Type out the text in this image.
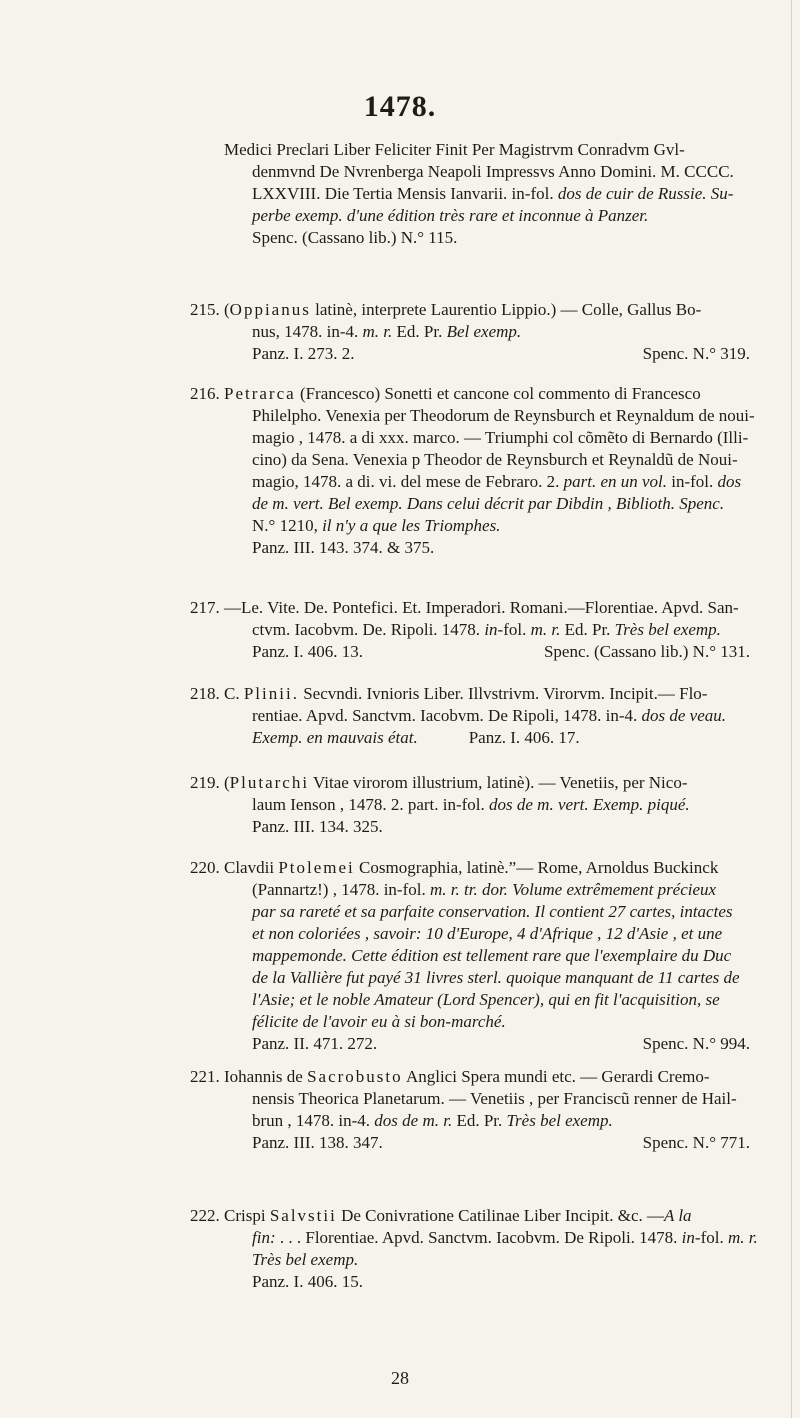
1478.
Medici Preclari Liber Feliciter Finit Per Magistrvm Conradvm Gvl-
denmvnd De Nvrenberga Neapoli Impressvs Anno Domini. M. CCCC.
LXXVIII. Die Tertia Mensis Ianvarii. in-fol. dos de cuir de Russie. Su-
perbe exemp. d'une édition très rare et inconnue à Panzer.
Spenc. (Cassano lib.) N.° 115.
215. (Oppianus latinè, interprete Laurentio Lippio.) — Colle, Gallus Bo-
nus, 1478. in-4. m. r. Ed. Pr. Bel exemp.
Panz. I. 273. 2.	Spenc. N.° 319.
216. Petrarca (Francesco) Sonetti et cancone col commento di Francesco
Philelpho. Venexia per Theodorum de Reynsburch et Reynaldum de noui-
magio , 1478. a di xxx. marco. — Triumphi col cõmẽto di Bernardo (Illi-
cino) da Sena. Venexia p Theodor de Reynsburch et Reynaldũ de Noui-
magio, 1478. a di. vi. del mese de Febraro. 2. part. en un vol. in-fol. dos
de m. vert. Bel exemp. Dans celui décrit par Dibdin , Biblioth. Spenc.
N.° 1210, il n'y a que les Triomphes.
Panz. III. 143. 374. & 375.
217. —Le. Vite. De. Pontefici. Et. Imperadori. Romani.—Florentiae. Apvd. San-
ctvm. Iacobvm. De. Ripoli. 1478. in-fol. m. r. Ed. Pr. Très bel exemp.
Panz. I. 406. 13.	Spenc. (Cassano lib.) N.° 131.
218. C. Plinii. Secvndi. Ivnioris Liber. Illvstrivm. Virorvm. Incipit.— Flo-
rentiae. Apvd. Sanctvm. Iacobvm. De Ripoli, 1478. in-4. dos de veau.
Exemp. en mauvais état.            Panz. I. 406. 17.
219. (Plutarchi Vitae virorom illustrium, latinè). — Venetiis, per Nico-
laum Ienson , 1478. 2. part. in-fol. dos de m. vert. Exemp. piqué.
Panz. III. 134. 325.
220. Clavdii Ptolemei Cosmographia, latinè.”— Rome, Arnoldus Buckinck
(Pannartz!) , 1478. in-fol. m. r. tr. dor. Volume extrêmement précieux
par sa rareté et sa parfaite conservation. Il contient 27 cartes, intactes
et non coloriées , savoir: 10 d'Europe, 4 d'Afrique , 12 d'Asie , et une
mappemonde. Cette édition est tellement rare que l'exemplaire du Duc
de la Vallière fut payé 31 livres sterl. quoique manquant de 11 cartes de
l'Asie; et le noble Amateur (Lord Spencer), qui en fit l'acquisition, se
félicite de l'avoir eu à si bon-marché.
Panz. II. 471. 272.	Spenc. N.° 994.
221. Iohannis de Sacrobusto Anglici Spera mundi etc. — Gerardi Cremo-
nensis Theorica Planetarum. — Venetiis , per Franciscũ renner de Hail-
brun , 1478. in-4. dos de m. r. Ed. Pr. Très bel exemp.
Panz. III. 138. 347.	Spenc. N.° 771.
222. Crispi Salvstii De Conivratione Catilinae Liber Incipit. &c. —A la
fin: . . . Florentiae. Apvd. Sanctvm. Iacobvm. De Ripoli. 1478. in-fol. m. r.
Très bel exemp.
Panz. I. 406. 15.
28
